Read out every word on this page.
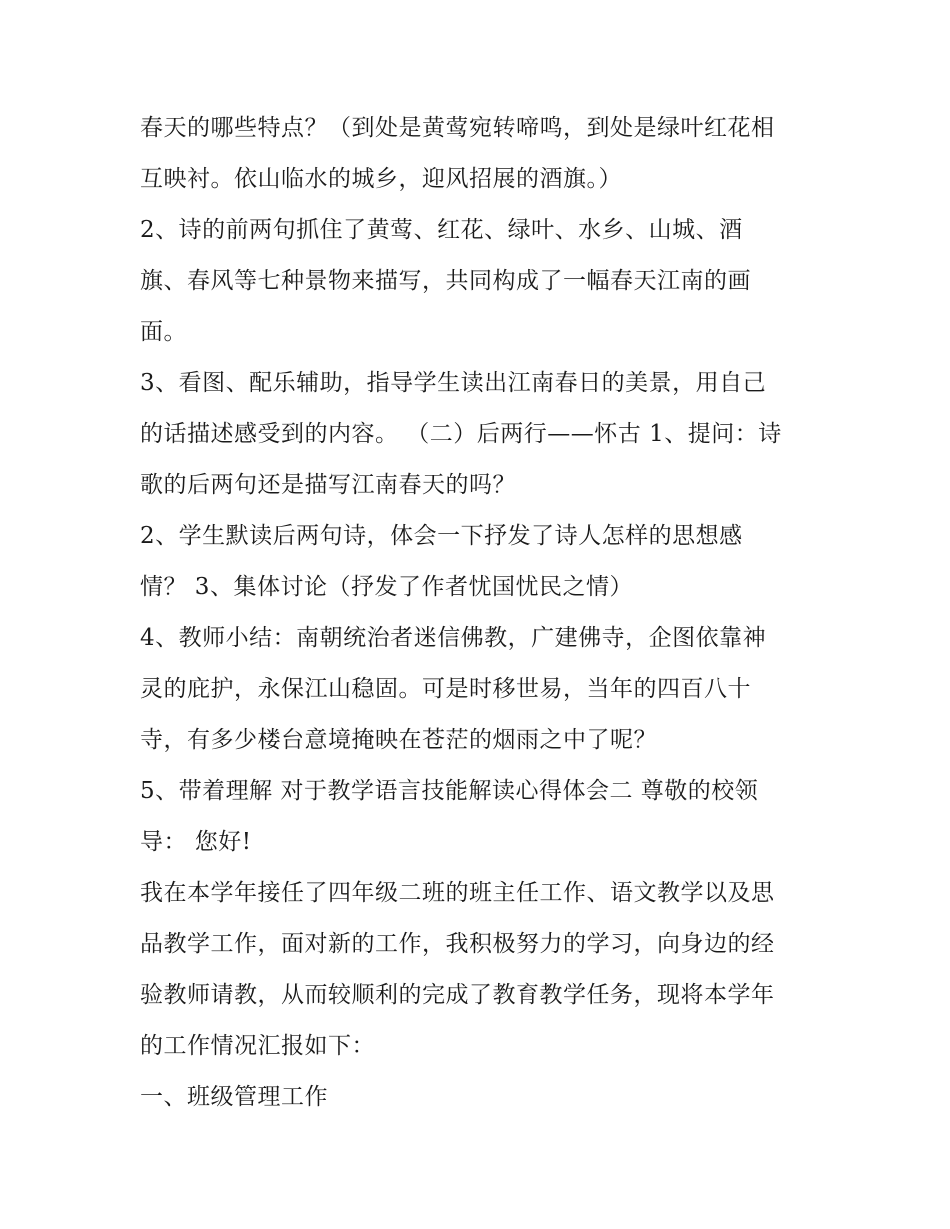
春天的哪些特点？（到处是黄莺宛转啼鸣，到处是绿叶红花相
互映衬。依山临水的城乡，迎风招展的酒旗。）
2、诗的前两句抓住了黄莺、红花、绿叶、水乡、山城、酒
旗、春风等七种景物来描写，共同构成了一幅春天江南的画
面。
3、看图、配乐辅助，指导学生读出江南春日的美景，用自己
的话描述感受到的内容。 （二）后两行——怀古 1、提问：诗
歌的后两句还是描写江南春天的吗？
2、学生默读后两句诗，体会一下抒发了诗人怎样的思想感
情？ 3、集体讨论（抒发了作者忧国忧民之情）
4、教师小结：南朝统治者迷信佛教，广建佛寺，企图依靠神
灵的庇护，永保江山稳固。可是时移世易，当年的四百八十
寺，有多少楼台意境掩映在苍茫的烟雨之中了呢？
5、带着理解 对于教学语言技能解读心得体会二 尊敬的校领
导： 您好!
我在本学年接任了四年级二班的班主任工作、语文教学以及思
品教学工作，面对新的工作，我积极努力的学习，向身边的经
验教师请教，从而较顺利的完成了教育教学任务，现将本学年
的工作情况汇报如下：
一、班级管理工作
